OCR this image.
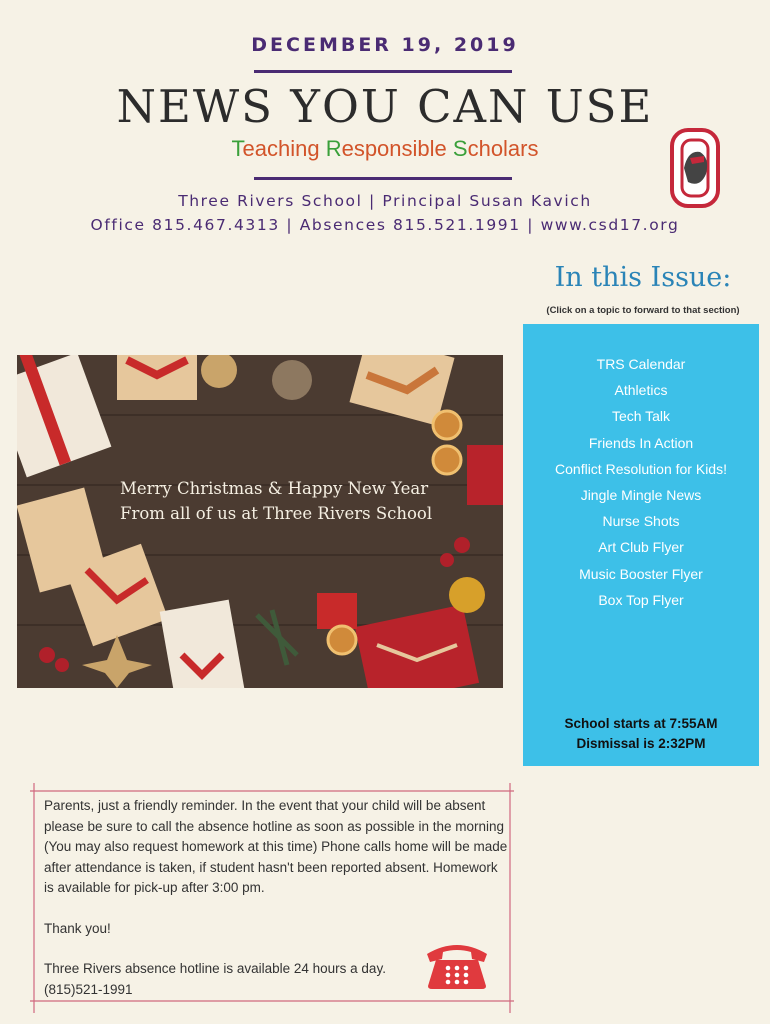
DECEMBER 19, 2019
NEWS YOU CAN USE
Teaching Responsible Scholars
Three Rivers School | Principal Susan Kavich
Office 815.467.4313 | Absences 815.521.1991 | www.csd17.org
In this Issue:
(Click on a topic to forward to that section)
TRS Calendar
Athletics
Tech Talk
Friends In Action
Conflict Resolution for Kids!
Jingle Mingle News
Nurse Shots
Art Club Flyer
Music Booster Flyer
Box Top Flyer
School starts at 7:55AM
Dismissal is 2:32PM
Merry Christmas & Happy New Year
From all of us at Three Rivers School

Parents, just a friendly reminder. In the event that your child will be absent please be sure to call the absence hotline as soon as possible in the morning (You may also request homework at this time) Phone calls home will be made after attendance is taken, if student hasn't been reported absent. Homework is available for pick-up after 3:00 pm.

Thank you!

Three Rivers absence hotline is available 24 hours a day.
(815)521-1991
